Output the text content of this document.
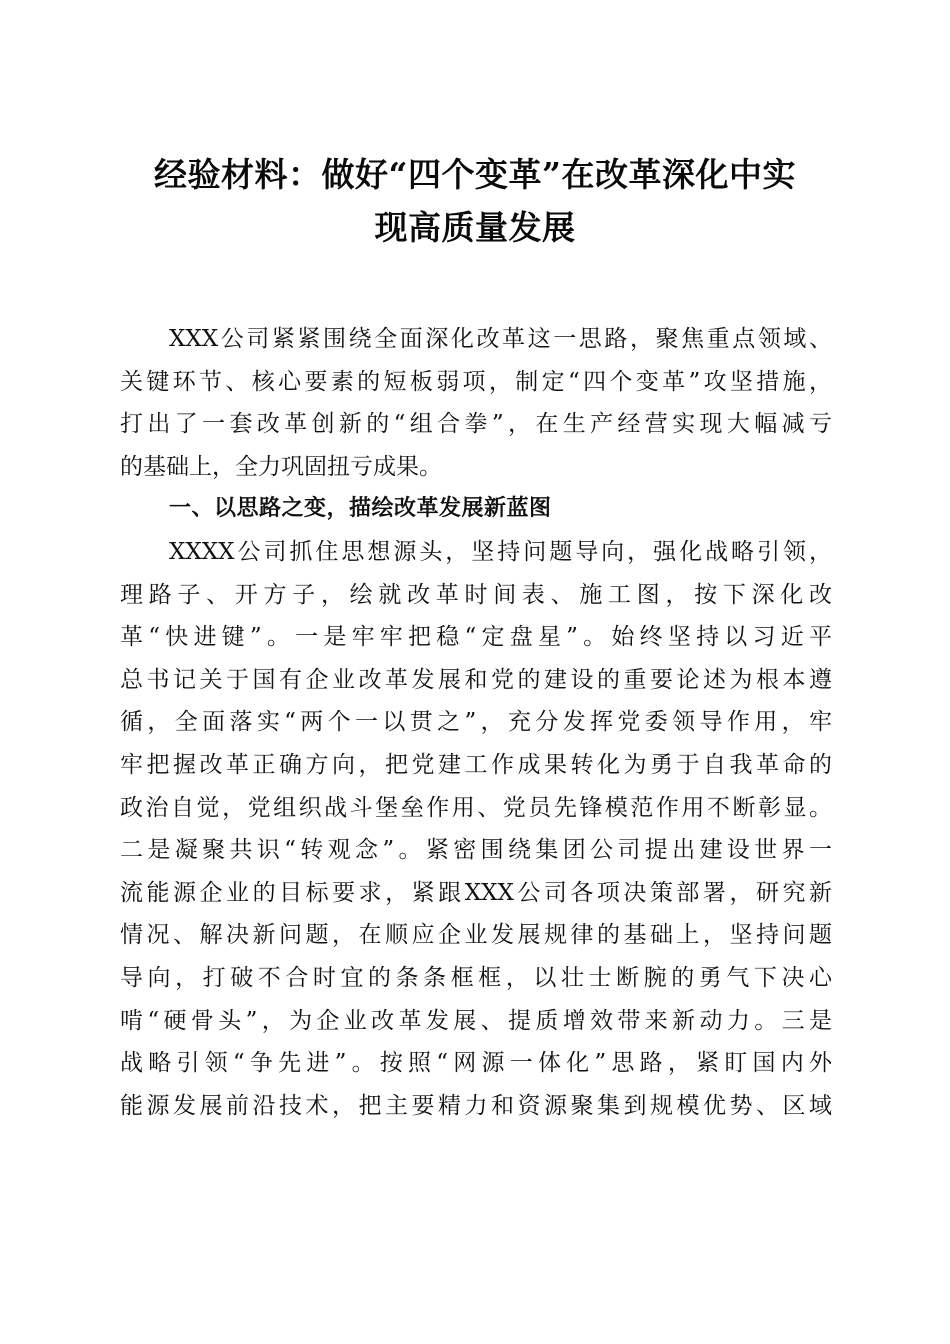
经验材料：做好“四个变革”在改革深化中实
现高质量发展
XXX公司紧紧围绕全面深化改革这一思路，聚焦重点领域、
关键环节、核心要素的短板弱项，制定“四个变革”攻坚措施，
打出了一套改革创新的“组合拳”，在生产经营实现大幅减亏
的基础上，全力巩固扭亏成果。
一、以思路之变，描绘改革发展新蓝图
XXXX公司抓住思想源头，坚持问题导向，强化战略引领，
理路子、开方子，绘就改革时间表、施工图，按下深化改
革“快进键”。一是牢牢把稳“定盘星”。始终坚持以习近平
总书记关于国有企业改革发展和党的建设的重要论述为根本遵
循，全面落实“两个一以贯之”，充分发挥党委领导作用，牢
牢把握改革正确方向，把党建工作成果转化为勇于自我革命的
政治自觉，党组织战斗堡垒作用、党员先锋模范作用不断彰显。
二是凝聚共识“转观念”。紧密围绕集团公司提出建设世界一
流能源企业的目标要求，紧跟XXX公司各项决策部署，研究新
情况、解决新问题，在顺应企业发展规律的基础上，坚持问题
导向，打破不合时宜的条条框框，以壮士断腕的勇气下决心
啃“硬骨头”，为企业改革发展、提质增效带来新动力。三是
战略引领“争先进”。按照“网源一体化”思路，紧盯国内外
能源发展前沿技术，把主要精力和资源聚集到规模优势、区域
